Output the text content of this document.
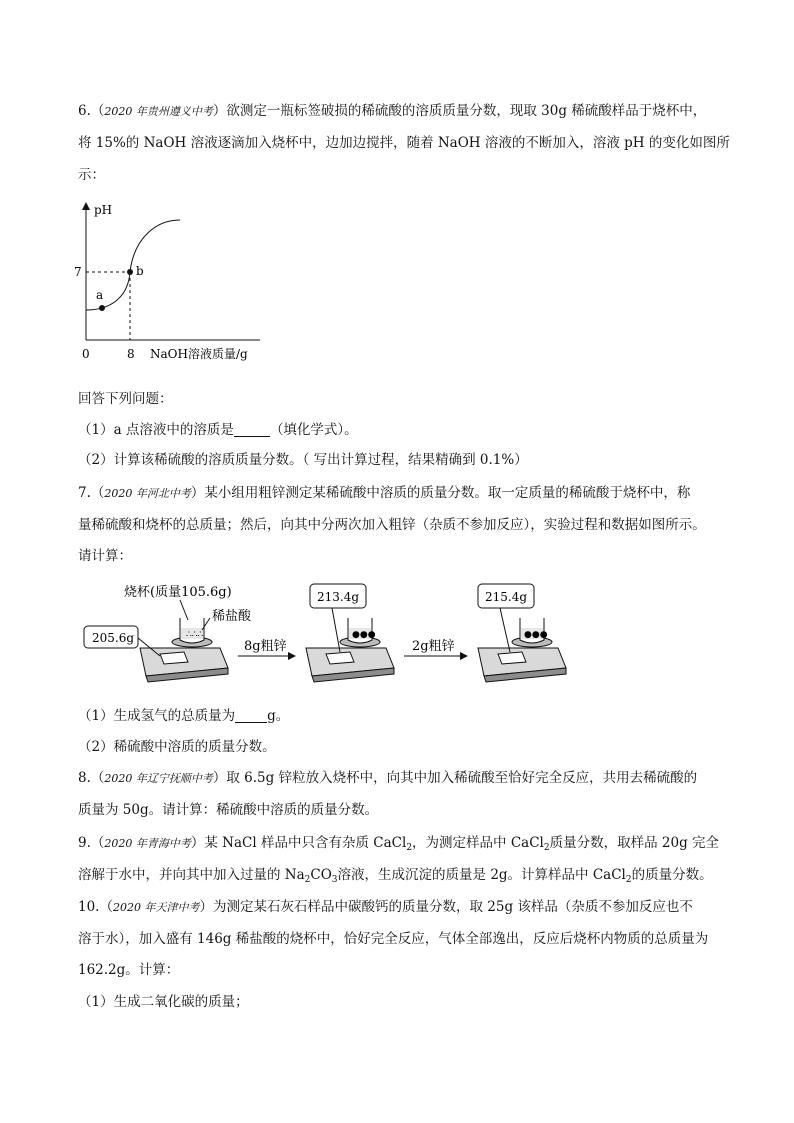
6.（2020 年贵州遵义中考）欲测定一瓶标签破损的稀硫酸的溶质质量分数，现取 30g 稀硫酸样品于烧杯中，
将 15%的 NaOH 溶液逐滴加入烧杯中，边加边搅拌，随着 NaOH 溶液的不断加入，溶液 pH 的变化如图所
示：
pH
a
b
7
0	8 NaOH溶液质量/g
回答下列问题：
（1）a 点溶液中的溶质是	（填化学式）。
（2）计算该稀硫酸的溶质质量分数。（ 写出计算过程，结果精确到 0.1%）
7.（2020 年河北中考）某小组用粗锌测定某稀硫酸中溶质的质量分数。取一定质量的稀硫酸于烧杯中，称
量稀硫酸和烧杯的总质量；然后，向其中分两次加入粗锌（杂质不参加反应），实验过程和数据如图所示。
请计算：
∴∴∴
205.6g
烧杯(质量105.6g)
稀盐酸
8g粗锌
●●●
213.4g
2g粗锌
●●●
215.4g
（1）生成氢气的总质量为 g。
（2）稀硫酸中溶质的质量分数。
8.（2020 年辽宁抚顺中考）取 6.5g 锌粒放入烧杯中，向其中加入稀硫酸至恰好完全反应，共用去稀硫酸的
质量为 50g。请计算：稀硫酸中溶质的质量分数。
9.（2020 年青海中考）某 NaCl 样品中只含有杂质 CaCl$_2$，为测定样品中 CaCl$_2$质量分数，取样品 20g 完全
溶解于水中，并向其中加入过量的 $Na_2CO_3$溶液，生成沉淀的质量是 2g。计算样品中 CaCl$_2$的质量分数。
10.（2020 年天津中考）为测定某石灰石样品中碳酸钙的质量分数，取 25g 该样品（杂质不参加反应也不
溶于水），加入盛有 146g 稀盐酸的烧杯中，恰好完全反应，气体全部逸出，反应后烧杯内物质的总质量为
162.2g。计算：
（1）生成二氧化碳的质量；
